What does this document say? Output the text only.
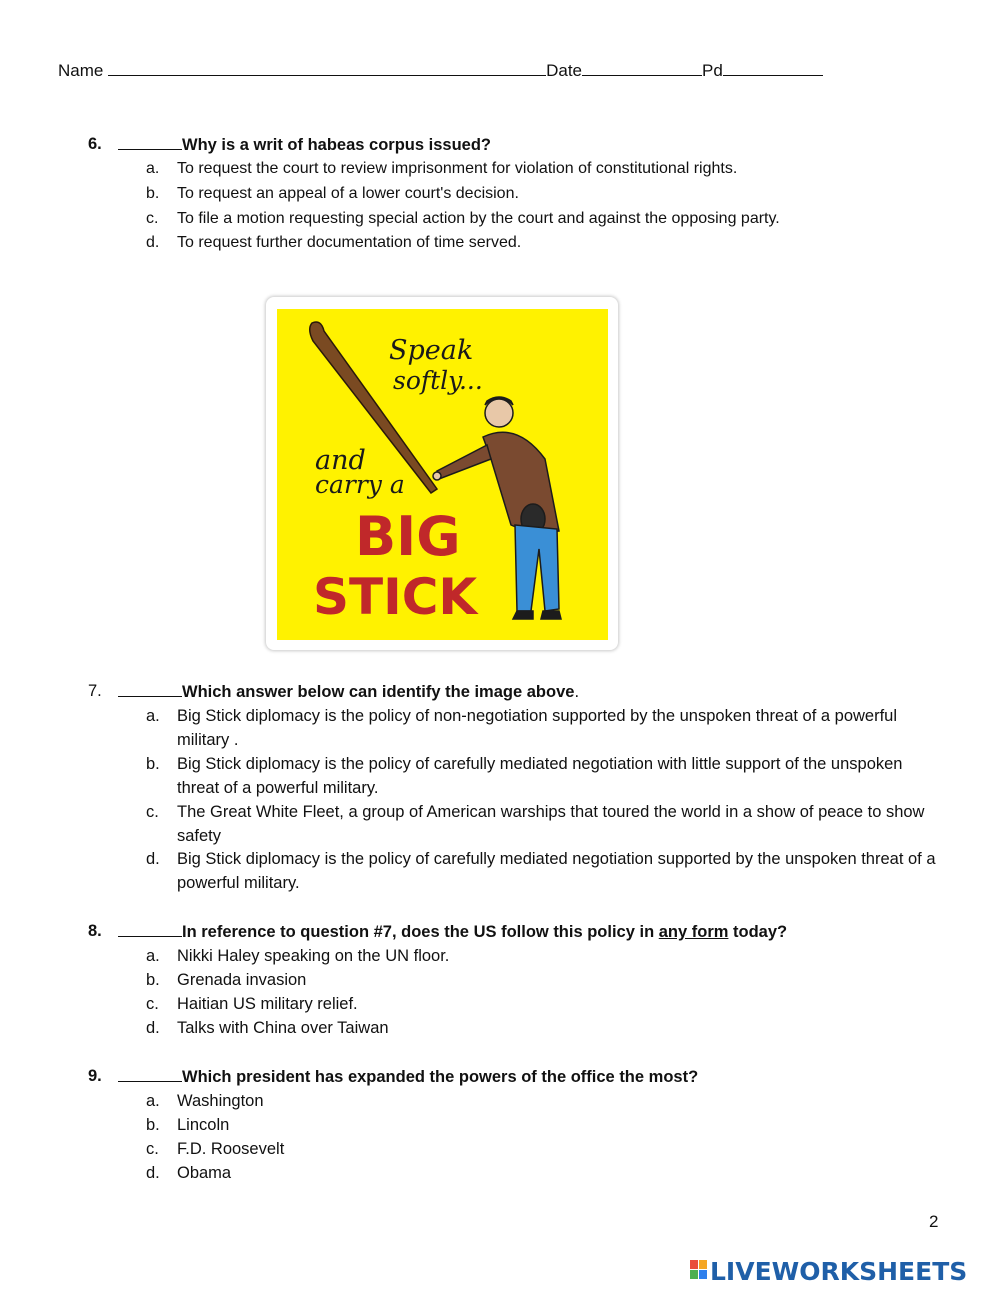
Name	Date	Pd
6.	Why is a writ of habeas corpus issued?
a. To request the court to review imprisonment for violation of constitutional rights.
b. To request an appeal of a lower court's decision.
c. To file a motion requesting special action by the court and against the opposing party.
d. To request further documentation of time served.
Speak
softly...
and
carry a
BIG
STICK
7.	Which answer below can identify the image above.
a. Big Stick diplomacy is the policy of non-negotiation supported by the unspoken threat of a powerful military .
b. Big Stick diplomacy is the policy of carefully mediated negotiation with little support of the unspoken threat of a powerful military.
c. The Great White Fleet, a group of American warships that toured the world in a show of peace to show safety
d. Big Stick diplomacy is the policy of carefully mediated negotiation supported by the unspoken threat of a powerful military.
8.	In reference to question #7, does the US follow this policy in any form today?
a. Nikki Haley speaking on the UN floor.
b. Grenada invasion
c. Haitian US military relief.
d. Talks with China over Taiwan
9.	Which president has expanded the powers of the office the most?
a. Washington
b. Lincoln
c. F.D. Roosevelt
d. Obama
2
LIVEWORKSHEETS
